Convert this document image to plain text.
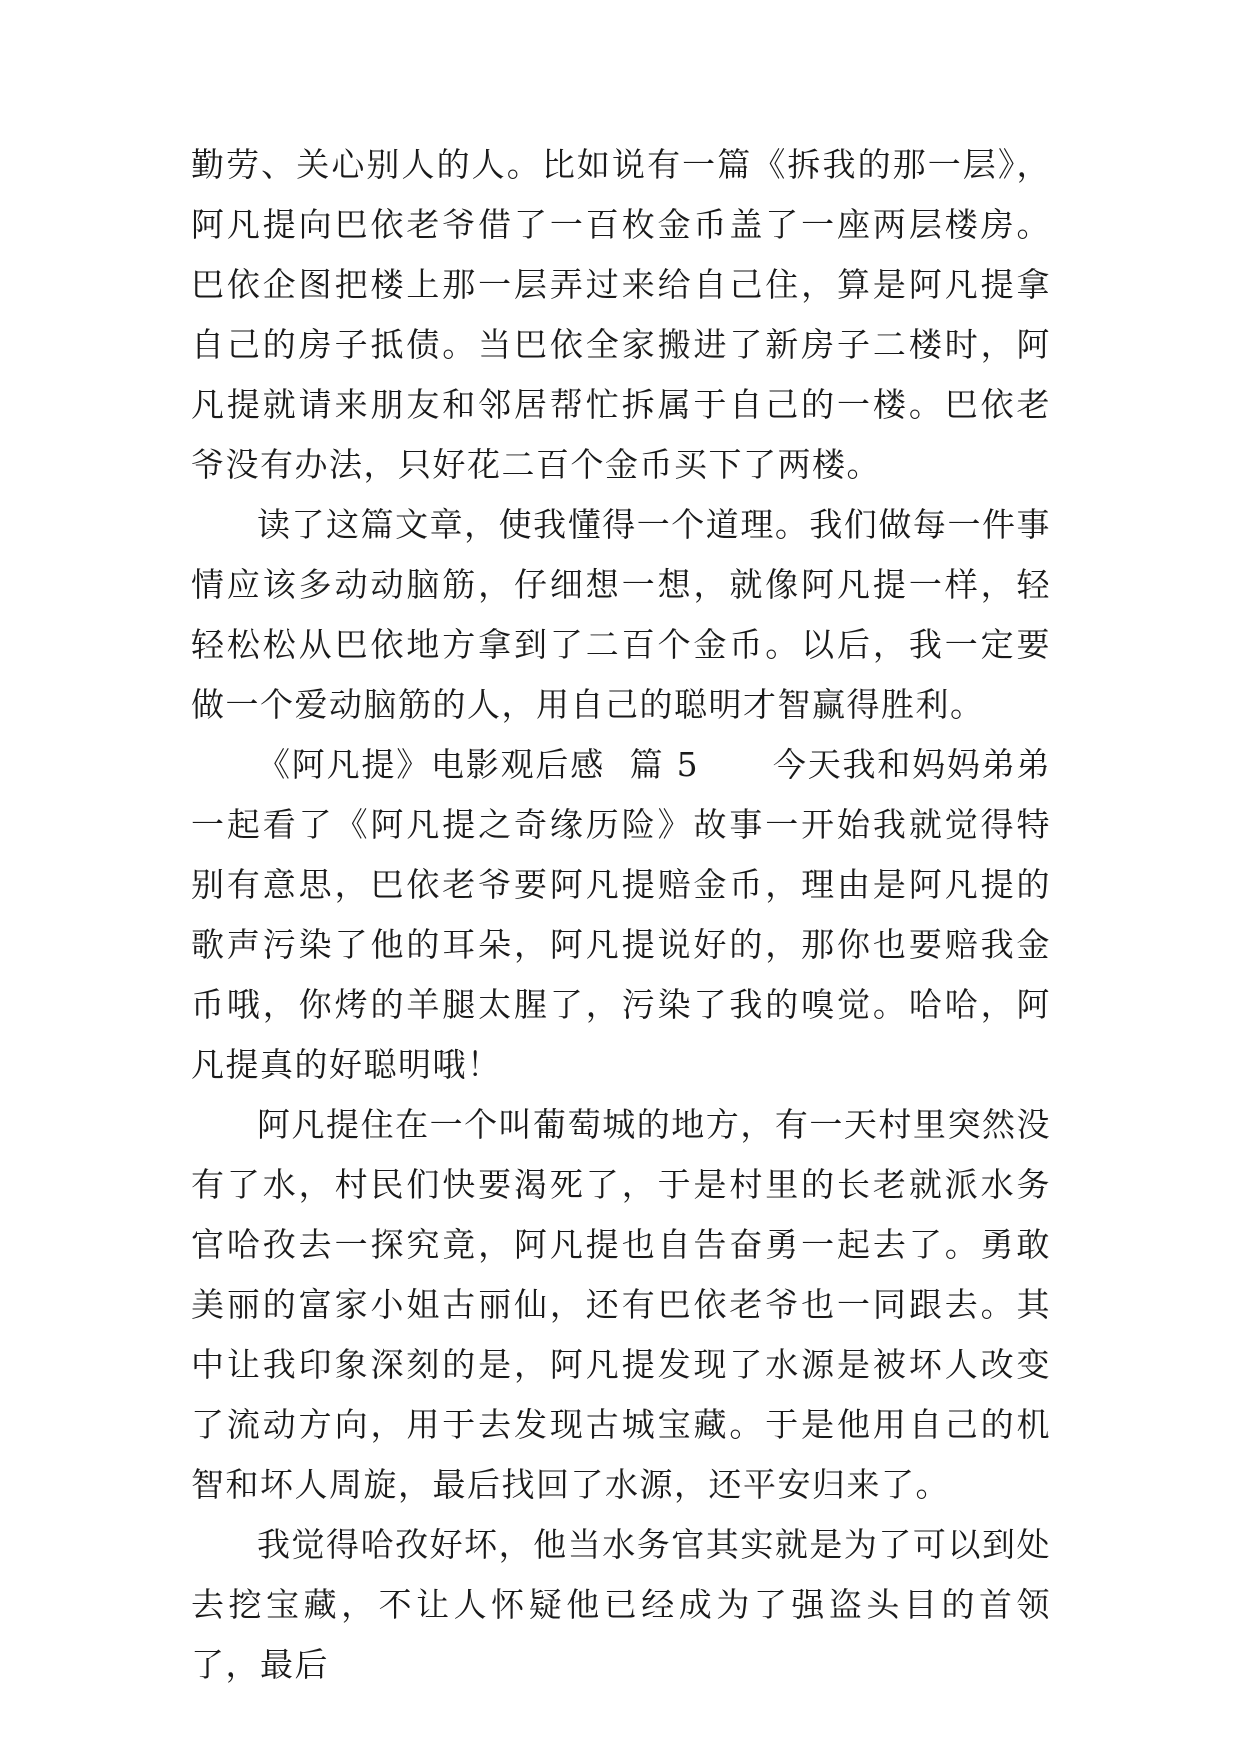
勤劳、关心别人的人。比如说有一篇《拆我的那一层》，阿凡提向巴依老爷借了一百枚金币盖了一座两层楼房。巴依企图把楼上那一层弄过来给自己住，算是阿凡提拿自己的房子抵债。当巴依全家搬进了新房子二楼时，阿凡提就请来朋友和邻居帮忙拆属于自己的一楼。巴依老爷没有办法，只好花二百个金币买下了两楼。

读了这篇文章，使我懂得一个道理。我们做每一件事情应该多动动脑筋，仔细想一想，就像阿凡提一样，轻轻松松从巴依地方拿到了二百个金币。以后，我一定要做一个爱动脑筋的人，用自己的聪明才智赢得胜利。

《阿凡提》电影观后感  篇 5      今天我和妈妈弟弟一起看了《阿凡提之奇缘历险》故事一开始我就觉得特别有意思，巴依老爷要阿凡提赔金币，理由是阿凡提的歌声污染了他的耳朵，阿凡提说好的，那你也要赔我金币哦，你烤的羊腿太腥了，污染了我的嗅觉。哈哈，阿凡提真的好聪明哦！

阿凡提住在一个叫葡萄城的地方，有一天村里突然没有了水，村民们快要渴死了，于是村里的长老就派水务官哈孜去一探究竟，阿凡提也自告奋勇一起去了。勇敢美丽的富家小姐古丽仙，还有巴依老爷也一同跟去。其中让我印象深刻的是，阿凡提发现了水源是被坏人改变了流动方向，用于去发现古城宝藏。于是他用自己的机智和坏人周旋，最后找回了水源，还平安归来了。

我觉得哈孜好坏，他当水务官其实就是为了可以到处去挖宝藏，不让人怀疑他已经成为了强盗头目的首领了，最后
